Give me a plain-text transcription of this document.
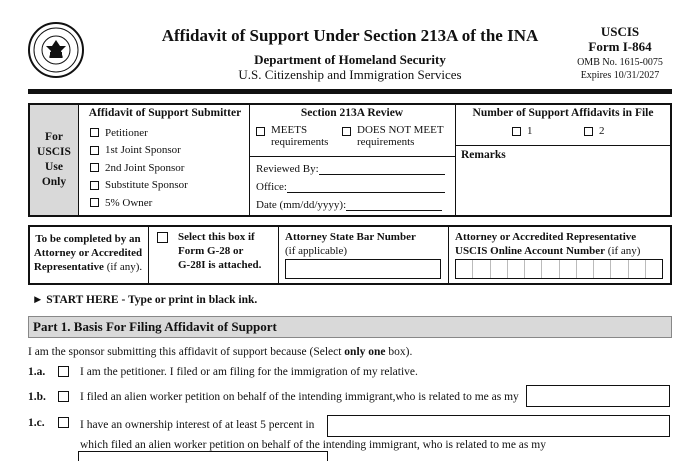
Affidavit of Support Under Section 213A of the INA
Department of Homeland Security
U.S. Citizenship and Immigration Services
USCIS
Form I-864
OMB No. 1615-0075
Expires 10/31/2027
For
USCIS
Use
Only
Affidavit of Support Submitter
Petitioner
1st Joint Sponsor
2nd Joint Sponsor
Substitute Sponsor
5% Owner
Section 213A Review
MEETS
requirements
DOES NOT MEET
requirements
Reviewed By:
Office:
Date (mm/dd/yyyy):
Number of Support Affidavits in File
1	2
Remarks
To be completed by an
Attorney or Accredited
Representative (if any).
Select this box if
Form G-28 or
G-28I is attached.
Attorney State Bar Number
(if applicable)
Attorney or Accredited Representative
USCIS Online Account Number (if any)
► START HERE - Type or print in black ink.
Part 1. Basis For Filing Affidavit of Support
I am the sponsor submitting this affidavit of support because (Select only one box).
1.a.	I am the petitioner. I filed or am filing for the immigration of my relative.
1.b.	I filed an alien worker petition on behalf of the intending immigrant,who is related to me as my
1.c.	I have an ownership interest of at least 5 percent in
which filed an alien worker petition on behalf of the intending immigrant, who is related to me as my
